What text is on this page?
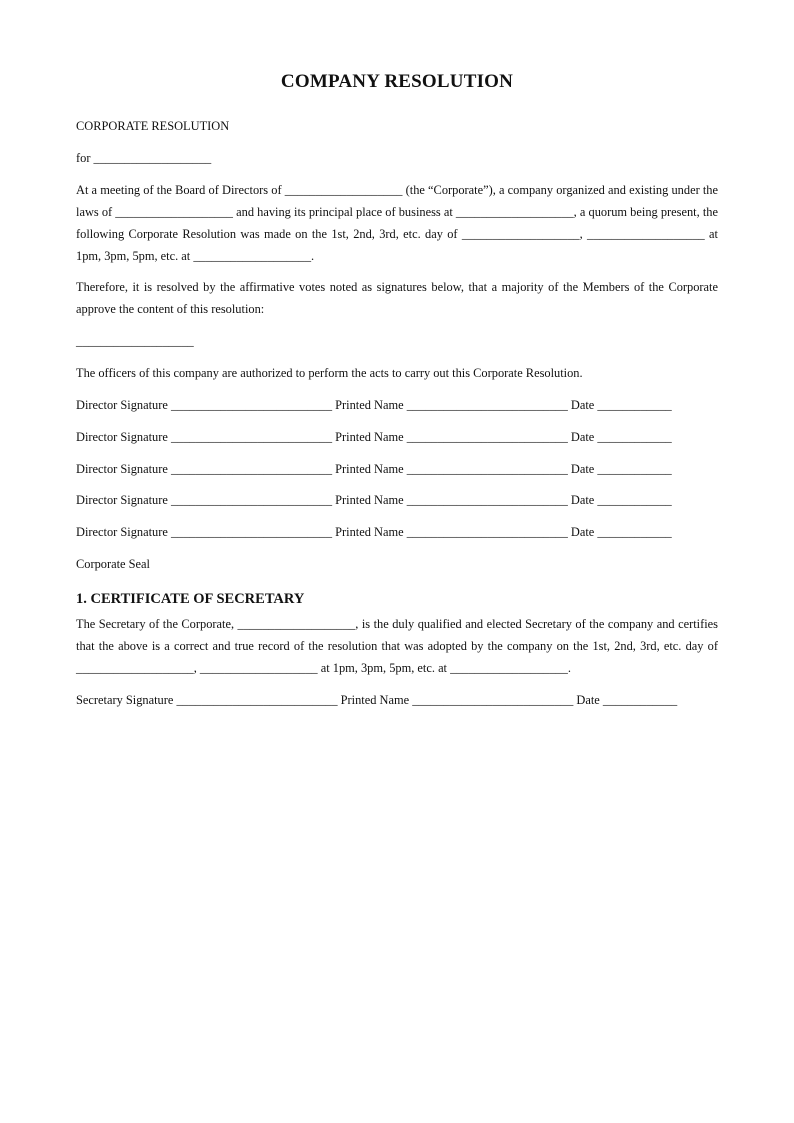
COMPANY RESOLUTION
CORPORATE RESOLUTION
for ___________________

At a meeting of the Board of Directors of ___________________ (the “Corporate”), a company organized and existing under the laws of ___________________ and having its principal place of business at ___________________, a quorum being present, the following Corporate Resolution was made on the 1st, 2nd, 3rd, etc. day of ___________________, ___________________ at 1pm, 3pm, 5pm, etc. at ___________________.

Therefore, it is resolved by the affirmative votes noted as signatures below, that a majority of the Members of the Corporate approve the content of this resolution:

___________________
The officers of this company are authorized to perform the acts to carry out this Corporate Resolution.
Director Signature __________________________ Printed Name __________________________ Date ____________
Director Signature __________________________ Printed Name __________________________ Date ____________
Director Signature __________________________ Printed Name __________________________ Date ____________
Director Signature __________________________ Printed Name __________________________ Date ____________
Director Signature __________________________ Printed Name __________________________ Date ____________
Corporate Seal
1. CERTIFICATE OF SECRETARY

The Secretary of the Corporate, ___________________, is the duly qualified and elected Secretary of the company and certifies that the above is a correct and true record of the resolution that was adopted by the company on the 1st, 2nd, 3rd, etc. day of ___________________, ___________________ at 1pm, 3pm, 5pm, etc. at ___________________.

Secretary Signature __________________________ Printed Name __________________________ Date ____________
